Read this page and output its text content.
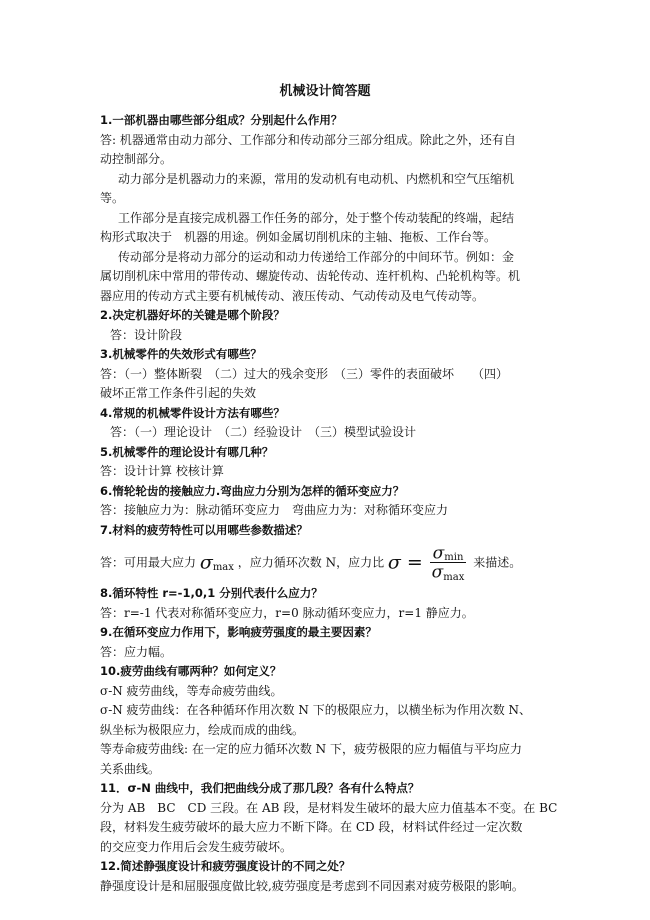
机械设计简答题
1.一部机器由哪些部分组成？分别起什么作用？
答: 机器通常由动力部分、工作部分和传动部分三部分组成。除此之外，还有自
动控制部分。
动力部分是机器动力的来源，常用的发动机有电动机、内燃机和空气压缩机
等。
工作部分是直接完成机器工作任务的部分，处于整个传动装配的终端，起结
构形式取决于　机器的用途。例如金属切削机床的主轴、拖板、工作台等。
传动部分是将动力部分的运动和动力传递给工作部分的中间环节。例如：金
属切削机床中常用的带传动、螺旋传动、齿轮传动、连杆机构、凸轮机构等。机
器应用的传动方式主要有机械传动、液压传动、气动传动及电气传动等。
2.决定机器好坏的关键是哪个阶段？
答：设计阶段
3.机械零件的失效形式有哪些？
答：（一）整体断裂　（二）过大的残余变形　（三）零件的表面破坏　　（四）
破坏正常工作条件引起的失效
4.常规的机械零件设计方法有哪些？
答：（一）理论设计　（二）经验设计　（三）模型试验设计
5.机械零件的理论设计有哪几种？
答：设计计算 校核计算
6.惰轮轮齿的接触应力.弯曲应力分别为怎样的循环变应力？
答：接触应力为：脉动循环变应力　弯曲应力为：对称循环变应力
7.材料的疲劳特性可以用哪些参数描述？
答：可用最大应力 $\sigma_{max}$ ，应力循环次数 N，应力比 $\sigma = \frac{\sigma_{min}}{\sigma_{max}}$ 来描述。
8.循环特性 r=-1,0,1 分别代表什么应力？
答：r=-1 代表对称循环变应力，r=0 脉动循环变应力，r=1 静应力。
9.在循环变应力作用下，影响疲劳强度的最主要因素？
答：应力幅。
10.疲劳曲线有哪两种？如何定义？
σ-N 疲劳曲线，等寿命疲劳曲线。
σ-N 疲劳曲线：在各种循环作用次数 N 下的极限应力，以横坐标为作用次数 N、
纵坐标为极限应力，绘成而成的曲线。
等寿命疲劳曲线: 在一定的应力循环次数 N 下，疲劳极限的应力幅值与平均应力
关系曲线。
11．σ-N 曲线中，我们把曲线分成了那几段？各有什么特点？
分为 AB　BC　CD 三段。在 AB 段，是材料发生破坏的最大应力值基本不变。在 BC
段，材料发生疲劳破坏的最大应力不断下降。在 CD 段，材料试件经过一定次数
的交应变力作用后会发生疲劳破坏。
12.简述静强度设计和疲劳强度设计的不同之处？
静强度设计是和屈服强度做比较,疲劳强度是考虑到不同因素对疲劳极限的影响。
